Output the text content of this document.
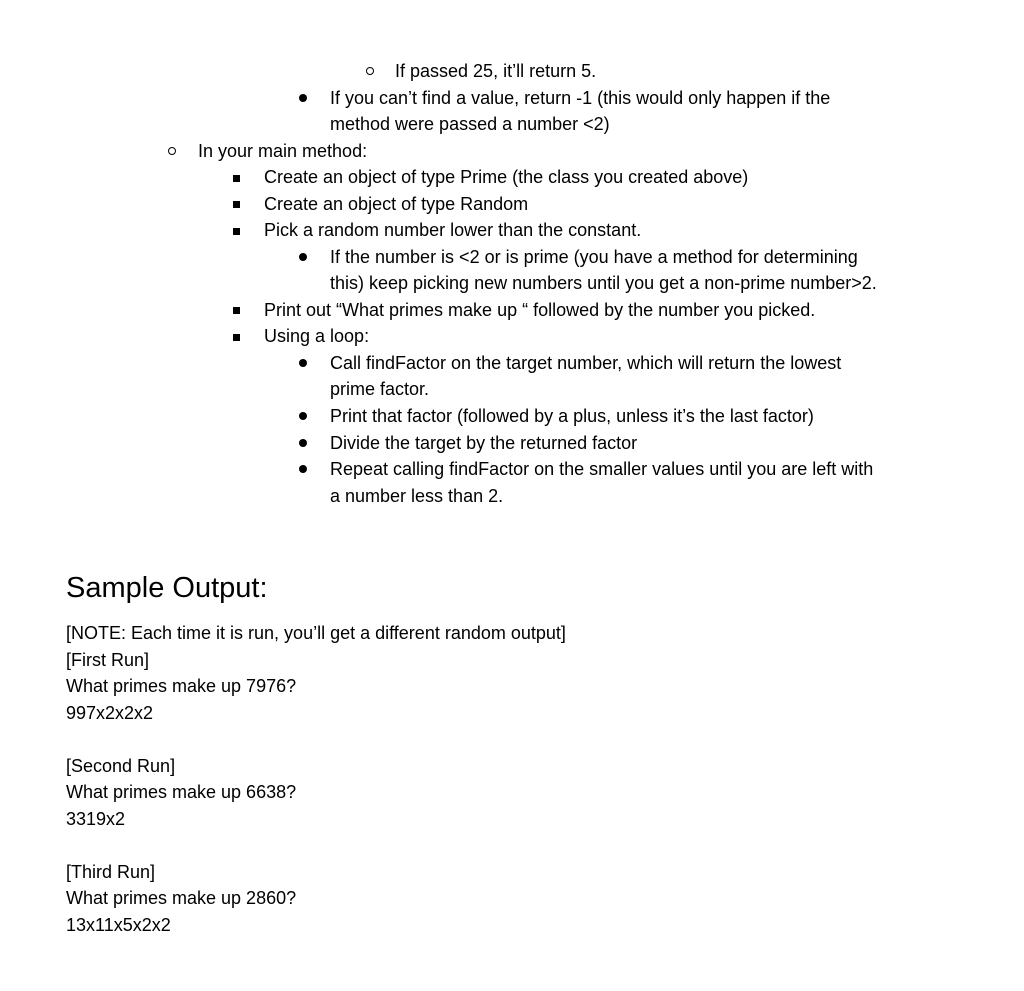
If passed 25, it’ll return 5.
If you can’t find a value, return -1 (this would only happen if the
method were passed a number <2)
In your main method:
Create an object of type Prime (the class you created above)
Create an object of type Random
Pick a random number lower than the constant.
If the number is <2 or is prime (you have a method for determining
this) keep picking new numbers until you get a non-prime number>2.
Print out “What primes make up “ followed by the number you picked.
Using a loop:
Call findFactor on the target number, which will return the lowest
prime factor.
Print that factor (followed by a plus, unless it’s the last factor)
Divide the target by the returned factor
Repeat calling findFactor on the smaller values until you are left with
a number less than 2.
Sample Output:
[NOTE: Each time it is run, you’ll get a different random output]
[First Run]
What primes make up 7976?
997x2x2x2
[Second Run]
What primes make up 6638?
3319x2
[Third Run]
What primes make up 2860?
13x11x5x2x2
